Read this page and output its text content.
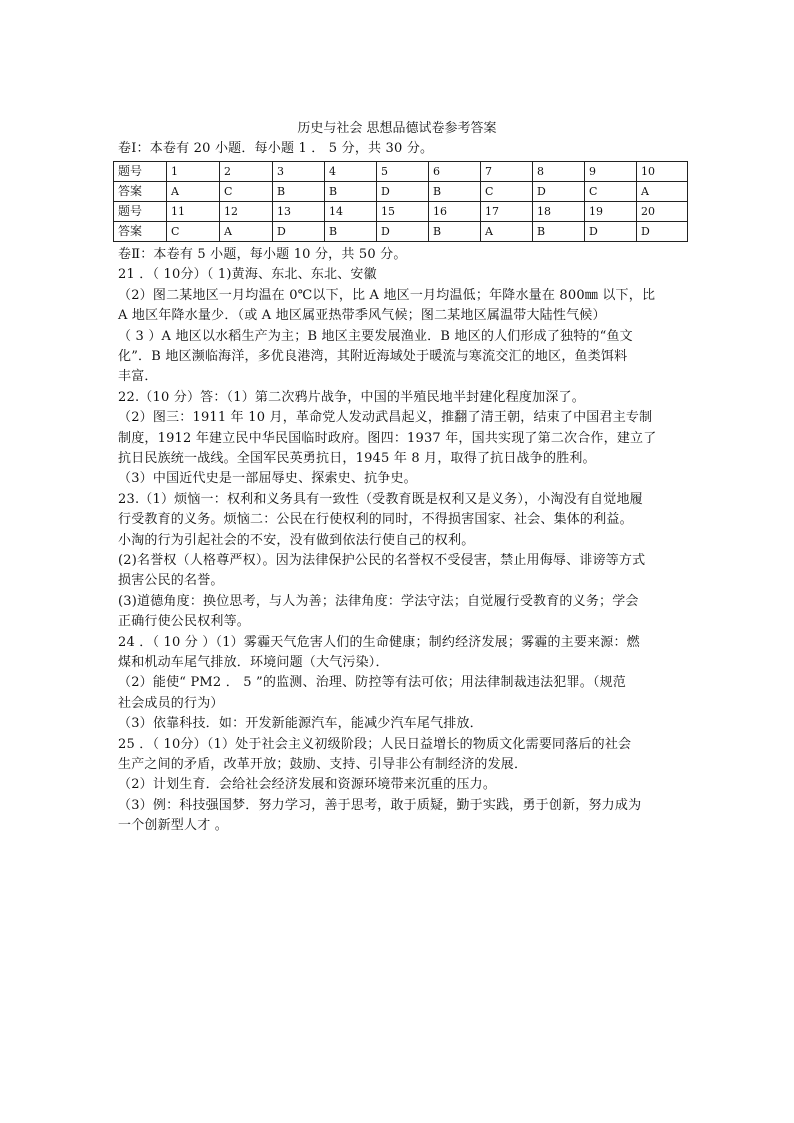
历史与社会 思想品德试卷参考答案
卷Ⅰ：本卷有 20 小题．每小题 1 ． 5 分，共 30 分。
题号	1	2	3	4	5	6	7	8	9	10
答案	A	C	B	B	D	B	C	D	C	A
题号	11	12	13	14	15	16	17	18	19	20
答案	C	A	D	B	D	B	A	B	D	D
卷Ⅱ：本卷有 5 小题，每小题 10 分，共 50 分。
21 ．（ 10分）（ 1)黄海、东北、东北、安徽
（2）图二某地区一月均温在 0℃以下，比 A 地区一月均温低；年降水量在 800㎜ 以下，比
A 地区年降水量少．（或 A 地区属亚热带季风气候；图二某地区属温带大陆性气候）
（ 3 ）A 地区以水稻生产为主；B 地区主要发展渔业．B 地区的人们形成了独特的“鱼文
化”．B 地区濒临海洋，多优良港湾，其附近海域处于暖流与寒流交汇的地区，鱼类饵料
丰富．
22.（10 分）答：（1）第二次鸦片战争，中国的半殖民地半封建化程度加深了。
（2）图三：1911 年 10 月，革命党人发动武昌起义，推翻了清王朝，结束了中国君主专制
制度，1912 年建立民中华民国临时政府。图四：1937 年，国共实现了第二次合作，建立了
抗日民族统一战线。全国军民英勇抗日，1945 年 8 月，取得了抗日战争的胜利。
（3）中国近代史是一部屈辱史、探索史、抗争史。
23.（1）烦恼一：权利和义务具有一致性（受教育既是权利又是义务），小淘没有自觉地履
行受教育的义务。烦恼二：公民在行使权利的同时，不得损害国家、社会、集体的利益。
小淘的行为引起社会的不安，没有做到依法行使自己的权利。
(2)名誉权（人格尊严权）。因为法律保护公民的名誉权不受侵害，禁止用侮辱、诽谤等方式
损害公民的名誉。
(3)道德角度：换位思考，与人为善；法律角度：学法守法；自觉履行受教育的义务；学会
正确行使公民权利等。
24 ．（ 10 分 ）（1）雾霾天气危害人们的生命健康；制约经济发展；雾霾的主要来源：燃
煤和机动车尾气排放．环境问题（大气污染）．
（2）能使“ PM2 ． 5 ”的监测、治理、防控等有法可依；用法律制裁违法犯罪。（规范
社会成员的行为）
（3）依靠科技．如：开发新能源汽车，能减少汽车尾气排放．
25 ．（ 10分）（1）处于社会主义初级阶段；人民日益增长的物质文化需要同落后的社会
生产之间的矛盾，改革开放；鼓励、支持、引导非公有制经济的发展．
（2）计划生育．会给社会经济发展和资源环境带来沉重的压力。
（3）例：科技强国梦．努力学习，善于思考，敢于质疑，勤于实践，勇于创新，努力成为
一个创新型人才 。
